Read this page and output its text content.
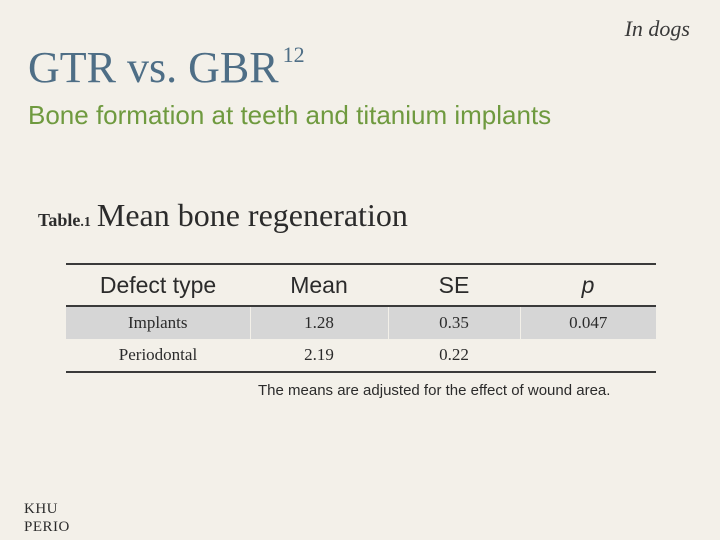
In dogs
GTR vs. GBR $^{12}$
Bone formation at teeth and titanium implants
Table.1 Mean bone regeneration
Defect type	Mean	SE	p
Implants	1.28	0.35	0.047
Periodontal	2.19	0.22	
The means are adjusted for the effect of wound area.
KHU
PERIO
